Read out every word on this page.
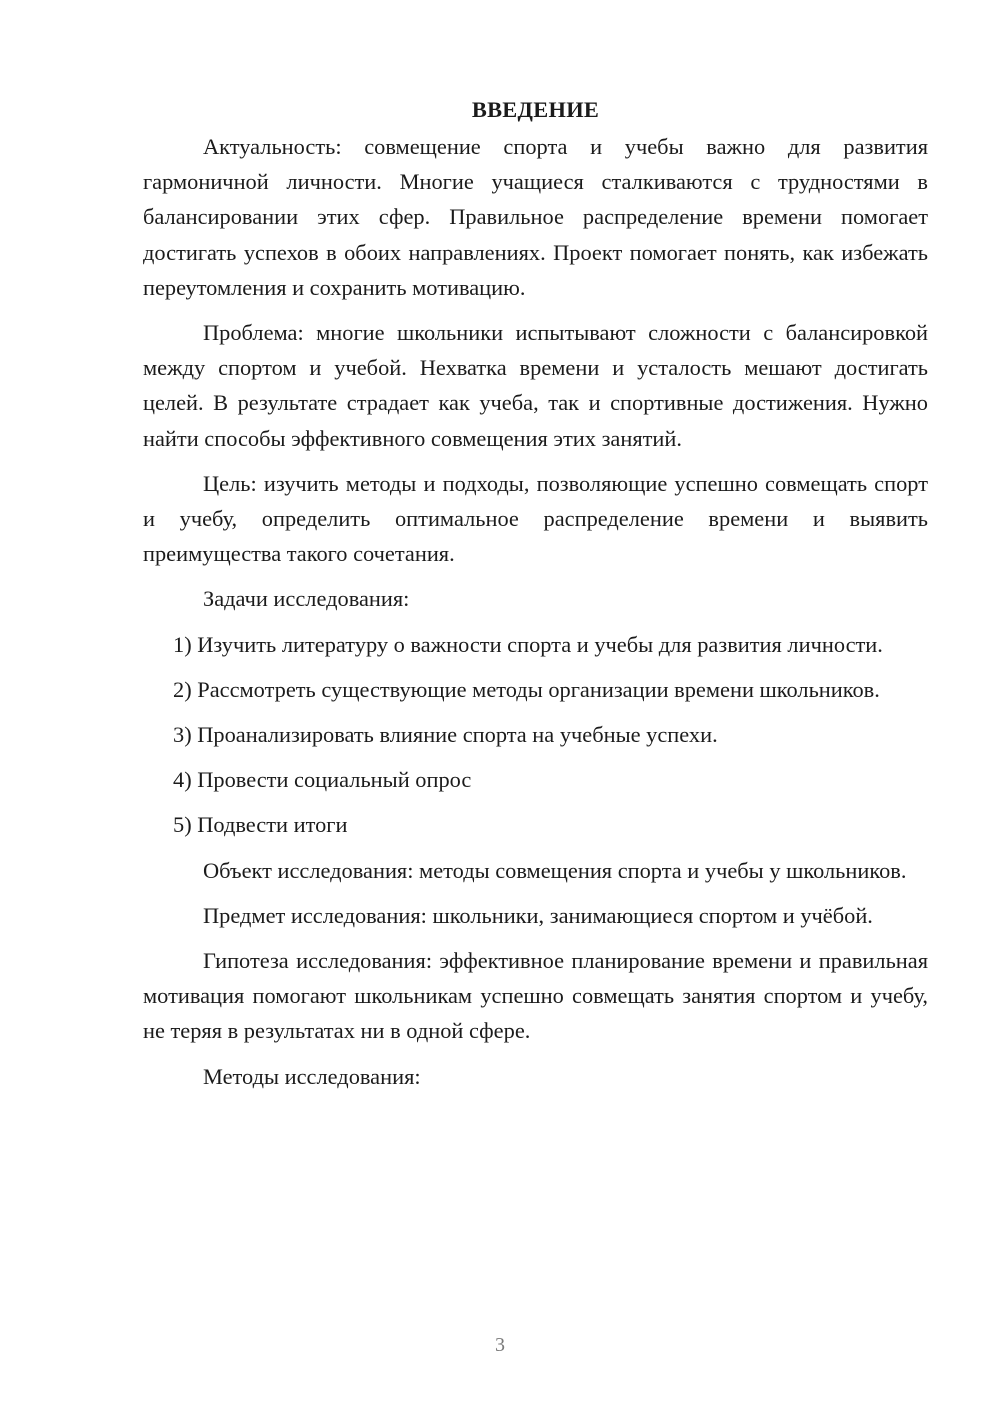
ВВЕДЕНИЕ

Актуальность: совмещение спорта и учебы важно для развития гармоничной личности. Многие учащиеся сталкиваются с трудностями в балансировании этих сфер. Правильное распределение времени помогает достигать успехов в обоих направлениях. Проект помогает понять, как избежать переутомления и сохранить мотивацию.

Проблема: многие школьники испытывают сложности с балансировкой между спортом и учебой. Нехватка времени и усталость мешают достигать целей. В результате страдает как учеба, так и спортивные достижения. Нужно найти способы эффективного совмещения этих занятий.

Цель: изучить методы и подходы, позволяющие успешно совмещать спорт и учебу, определить оптимальное распределение времени и выявить преимущества такого сочетания.

Задачи исследования:

1) Изучить литературу о важности спорта и учебы для развития личности.

2) Рассмотреть существующие методы организации времени школьников.

3) Проанализировать влияние спорта на учебные успехи.

4) Провести социальный опрос

5) Подвести итоги

Объект исследования: методы совмещения спорта и учебы у школьников.

Предмет исследования: школьники, занимающиеся спортом и учёбой.

Гипотеза исследования: эффективное планирование времени и правильная мотивация помогают школьникам успешно совмещать занятия спортом и учебу, не теряя в результатах ни в одной сфере.

Методы исследования:

3
